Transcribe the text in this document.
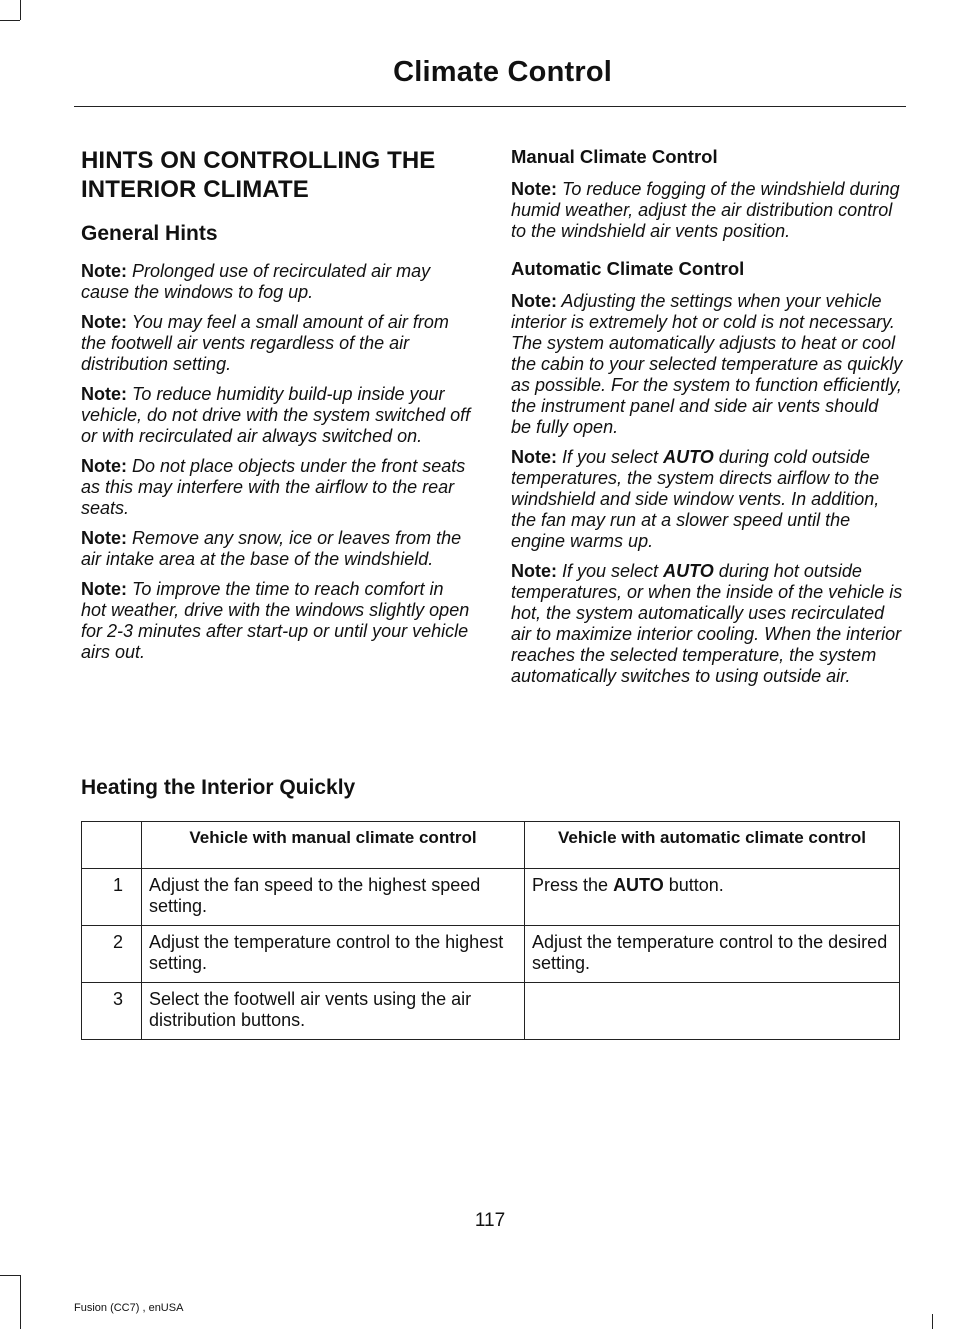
Climate Control
HINTS ON CONTROLLING THE INTERIOR CLIMATE
General Hints

Note: Prolonged use of recirculated air may cause the windows to fog up.

Note: You may feel a small amount of air from the footwell air vents regardless of the air distribution setting.

Note: To reduce humidity build-up inside your vehicle, do not drive with the system switched off or with recirculated air always switched on.

Note: Do not place objects under the front seats as this may interfere with the airflow to the rear seats.

Note: Remove any snow, ice or leaves from the air intake area at the base of the windshield.

Note: To improve the time to reach comfort in hot weather, drive with the windows slightly open for 2-3 minutes after start-up or until your vehicle airs out.

Manual Climate Control

Note: To reduce fogging of the windshield during humid weather, adjust the air distribution control to the windshield air vents position.

Automatic Climate Control

Note: Adjusting the settings when your vehicle interior is extremely hot or cold is not necessary. The system automatically adjusts to heat or cool the cabin to your selected temperature as quickly as possible. For the system to function efficiently, the instrument panel and side air vents should be fully open.

Note: If you select AUTO during cold outside temperatures, the system directs airflow to the windshield and side window vents. In addition, the fan may run at a slower speed until the engine warms up.

Note: If you select AUTO during hot outside temperatures, or when the inside of the vehicle is hot, the system automatically uses recirculated air to maximize interior cooling. When the interior reaches the selected temperature, the system automatically switches to using outside air.

Heating the Interior Quickly
	Vehicle with manual climate control	Vehicle with automatic climate control
1	Adjust the fan speed to the highest speed setting.	Press the AUTO button.
2	Adjust the temperature control to the highest setting.	Adjust the temperature control to the desired setting.
3	Select the footwell air vents using the air distribution buttons.	
117
Fusion (CC7) , enUSA
